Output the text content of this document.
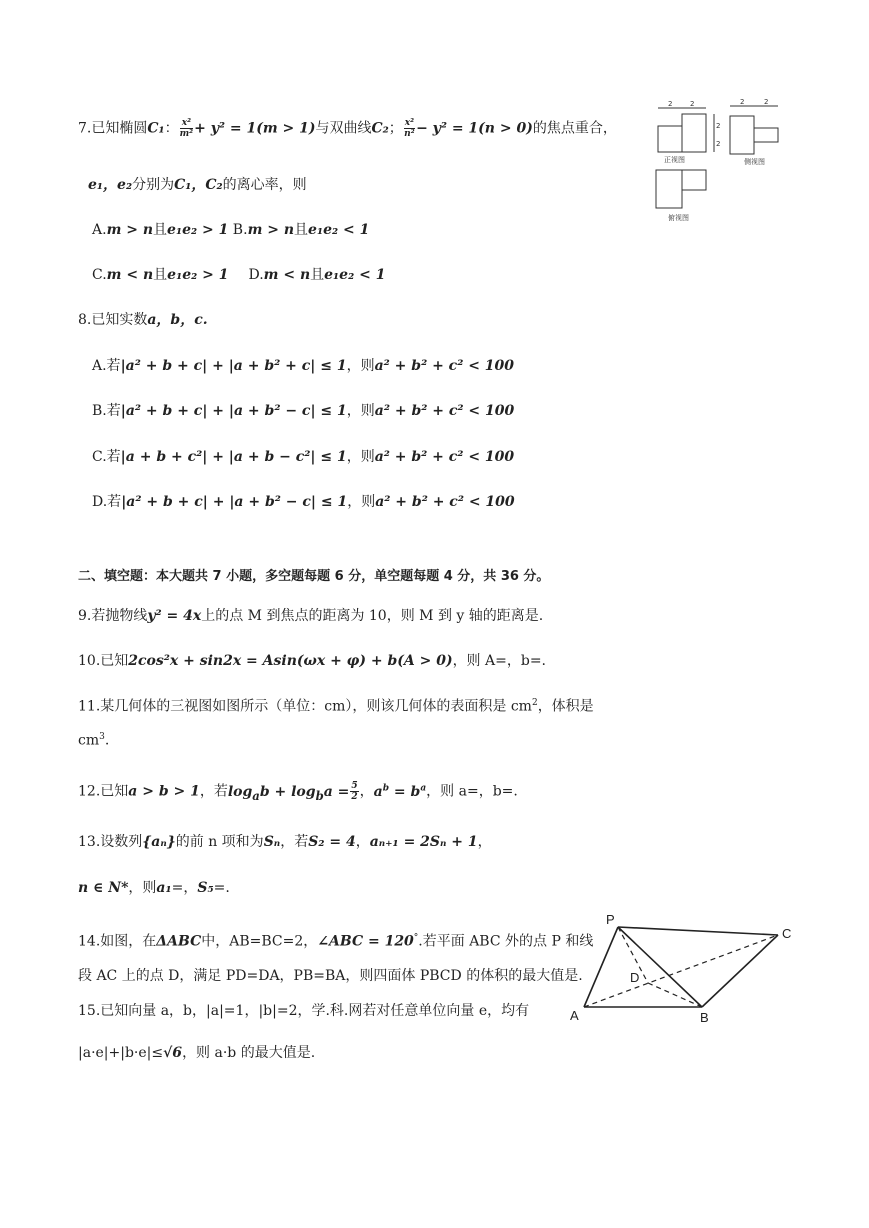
7.已知椭圆C₁： $\frac{\text{x²}}{\text{m²}} + y^2 = 1(m > 1)$与双曲线C₂； $\frac{\text{x²}}{\text{n²}} - y^2 = 1(n > 0)$的焦点重合，
e₁，e₂分别为C₁，C₂的离心率，则
A.m > n且e₁e₂ > 1 B.m > n且e₁e₂ < 1
C.m < n且e₁e₂ > 1 D.m < n且e₁e₂ < 1
2	2
2
2
2	2
正视图	侧视图
俯视图
8.已知实数a，b，c.
A.若|a² + b + c| + |a + b² + c| ≤ 1，则a² + b² + c² < 100
B.若|a² + b + c| + |a + b² − c| ≤ 1，则a² + b² + c² < 100
C.若|a + b + c²| + |a + b − c²| ≤ 1，则a² + b² + c² < 100
D.若|a² + b + c| + |a + b² − c| ≤ 1，则a² + b² + c² < 100
二、填空题：本大题共 7 小题，多空题每题 6 分，单空题每题 4 分，共 36 分。
9.若抛物线y² = 4x上的点 M 到焦点的距离为 10，则 M 到 y 轴的距离是.
10.已知2cos²x + sin2x = Asin(ωx + φ) + b(A > 0)，则 A=，b=.
11.某几何体的三视图如图所示（单位：cm），则该几何体的表面积是 $cm^2$，体积是
$cm^3$.
12.已知a > b > 1，若$\log_ab + \log_ba = \frac{5}{2}$ ，$a^b = b^a$，则 a=，b=.
13.设数列{aₙ}的前 n 项和为Sₙ，若S₂ = 4，aₙ₊₁ = 2Sₙ + 1，
n ∈ N*，则a₁=，S₅=.
14.如图，在ΔABC中，AB=BC=2，∠ABC = 120°.若平面 ABC 外的点 P 和线
段 AC 上的点 D，满足 PD=DA，PB=BA，则四面体 PBCD 的体积的最大值是.
15.已知向量 a，b，|a|=1，|b|=2，学.科.网若对任意单位向量 e，均有
|a·e|+|b·e|≤√6，则 a·b 的最大值是.
P
C
D
A	B
